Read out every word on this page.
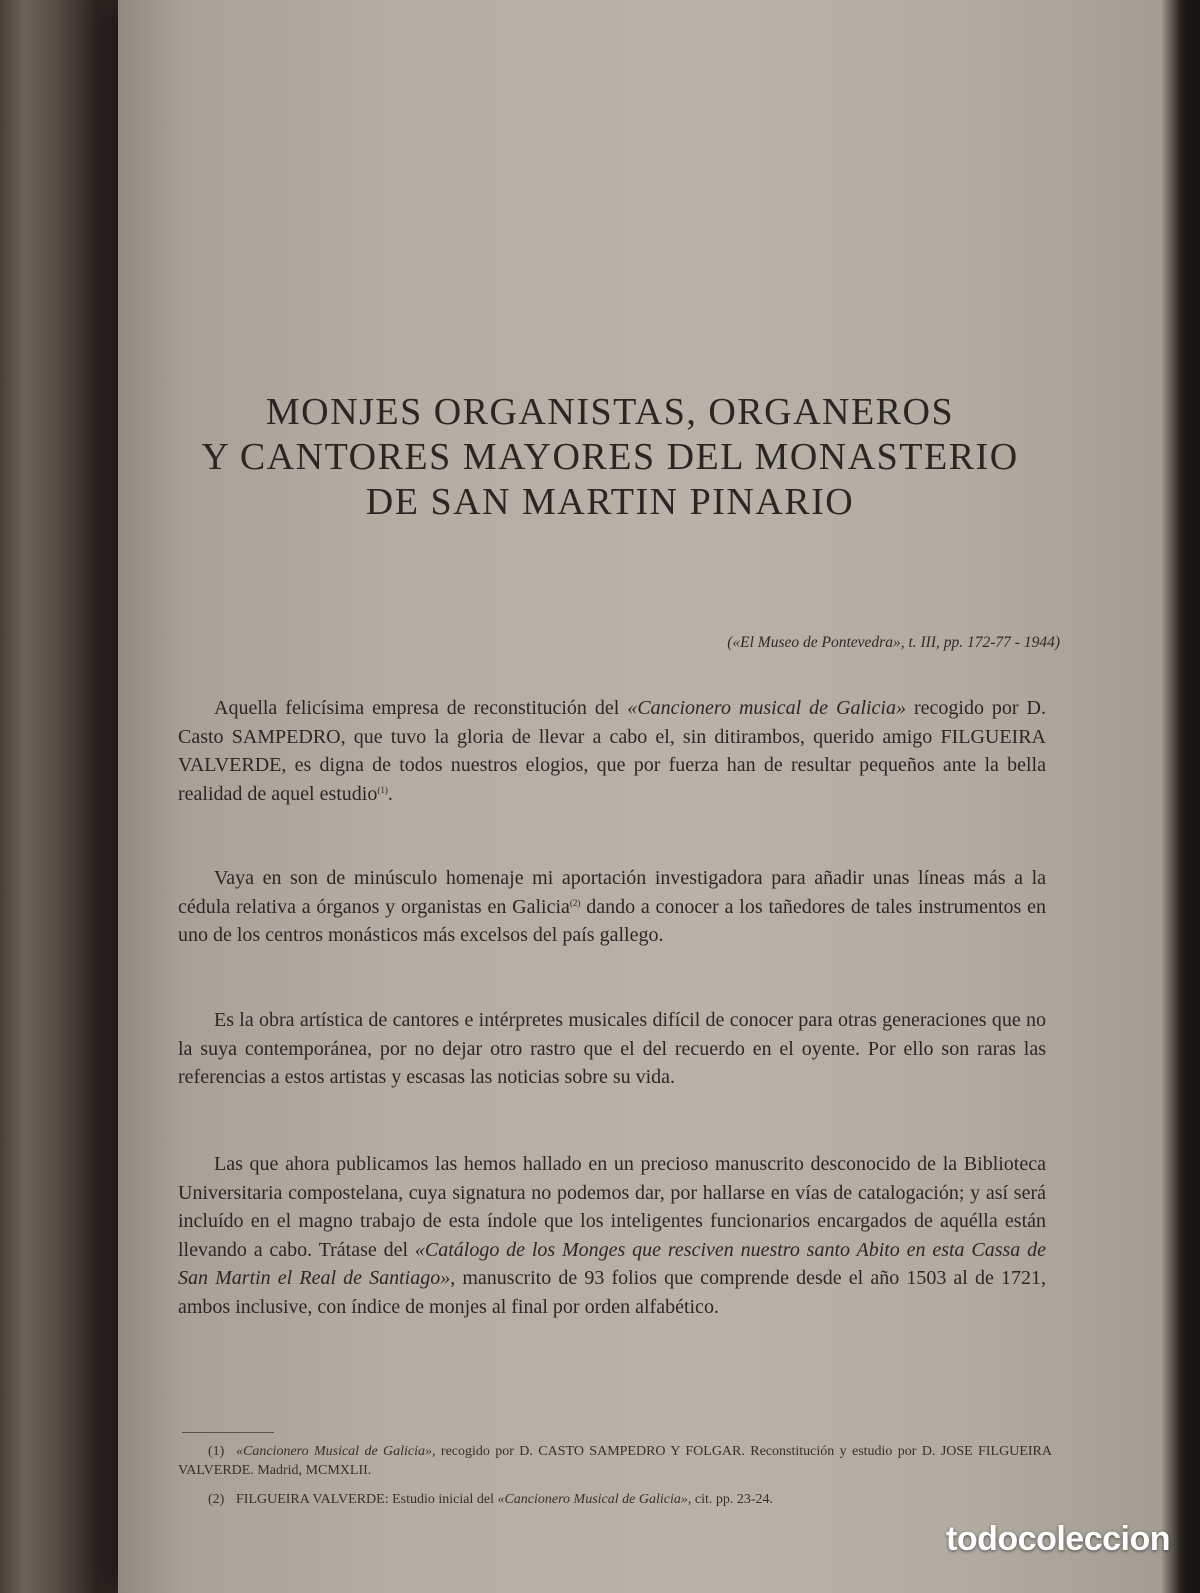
MONJES ORGANISTAS, ORGANEROS
Y CANTORES MAYORES DEL MONASTERIO
DE SAN MARTIN PINARIO
(«El Museo de Pontevedra», t. III, pp. 172-77 - 1944)

Aquella felicísima empresa de reconstitución del «Cancionero musical de Galicia» recogido por D. Casto SAMPEDRO, que tuvo la gloria de llevar a cabo el, sin ditirambos, querido amigo FILGUEIRA VALVERDE, es digna de todos nuestros elogios, que por fuerza han de resultar pequeños ante la bella realidad de aquel estudio$^{(1)}$.

Vaya en son de minúsculo homenaje mi aportación investigadora para añadir unas líneas más a la cédula relativa a órganos y organistas en Galicia$^{(2)}$ dando a conocer a los tañedores de tales instrumentos en uno de los centros monásticos más excelsos del país gallego.

Es la obra artística de cantores e intérpretes musicales difícil de conocer para otras generaciones que no la suya contemporánea, por no dejar otro rastro que el del recuerdo en el oyente. Por ello son raras las referencias a estos artistas y escasas las noticias sobre su vida.

Las que ahora publicamos las hemos hallado en un precioso manuscrito desconocido de la Biblioteca Universitaria compostelana, cuya signatura no podemos dar, por hallarse en vías de catalogación; y así será incluído en el magno trabajo de esta índole que los inteligentes funcionarios encargados de aquélla están llevando a cabo. Trátase del «Catálogo de los Monges que resciven nuestro santo Abito en esta Cassa de San Martin el Real de Santiago», manuscrito de 93 folios que comprende desde el año 1503 al de 1721, ambos inclusive, con índice de monjes al final por orden alfabético.

(1) «Cancionero Musical de Galicia», recogido por D. CASTO SAMPEDRO Y FOLGAR. Reconstitución y estudio por D. JOSE FILGUEIRA VALVERDE. Madrid, MCMXLII.

(2) FILGUEIRA VALVERDE: Estudio inicial del «Cancionero Musical de Galicia», cit. pp. 23-24.

todocoleccion
